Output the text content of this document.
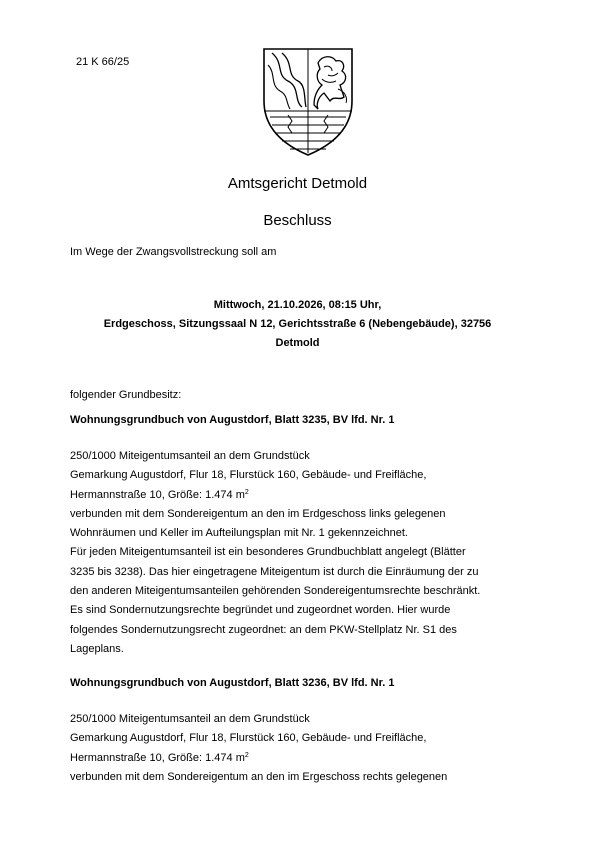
21 K 66/25
Amtsgericht Detmold
Beschluss
Im Wege der Zwangsvollstreckung soll am
Mittwoch, 21.10.2026, 08:15 Uhr,
Erdgeschoss, Sitzungssaal N 12, Gerichtsstraße 6 (Nebengebäude), 32756
Detmold
folgender Grundbesitz:
Wohnungsgrundbuch von Augustdorf, Blatt 3235, BV lfd. Nr. 1
250/1000 Miteigentumsanteil an dem Grundstück
Gemarkung Augustdorf, Flur 18, Flurstück 160, Gebäude- und Freifläche,
Hermannstraße 10, Größe: 1.474 $m^2$
verbunden mit dem Sondereigentum an den im Erdgeschoss links gelegenen
Wohnräumen und Keller im Aufteilungsplan mit Nr. 1 gekennzeichnet.
Für jeden Miteigentumsanteil ist ein besonderes Grundbuchblatt angelegt (Blätter
3235 bis 3238). Das hier eingetragene Miteigentum ist durch die Einräumung der zu
den anderen Miteigentumsanteilen gehörenden Sondereigentumsrechte beschränkt.
Es sind Sondernutzungsrechte begründet und zugeordnet worden. Hier wurde
folgendes Sondernutzungsrecht zugeordnet: an dem PKW-Stellplatz Nr. S1 des
Lageplans.
Wohnungsgrundbuch von Augustdorf, Blatt 3236, BV lfd. Nr. 1
250/1000 Miteigentumsanteil an dem Grundstück
Gemarkung Augustdorf, Flur 18, Flurstück 160, Gebäude- und Freifläche,
Hermannstraße 10, Größe: 1.474 $m^2$
verbunden mit dem Sondereigentum an den im Ergeschoss rechts gelegenen
